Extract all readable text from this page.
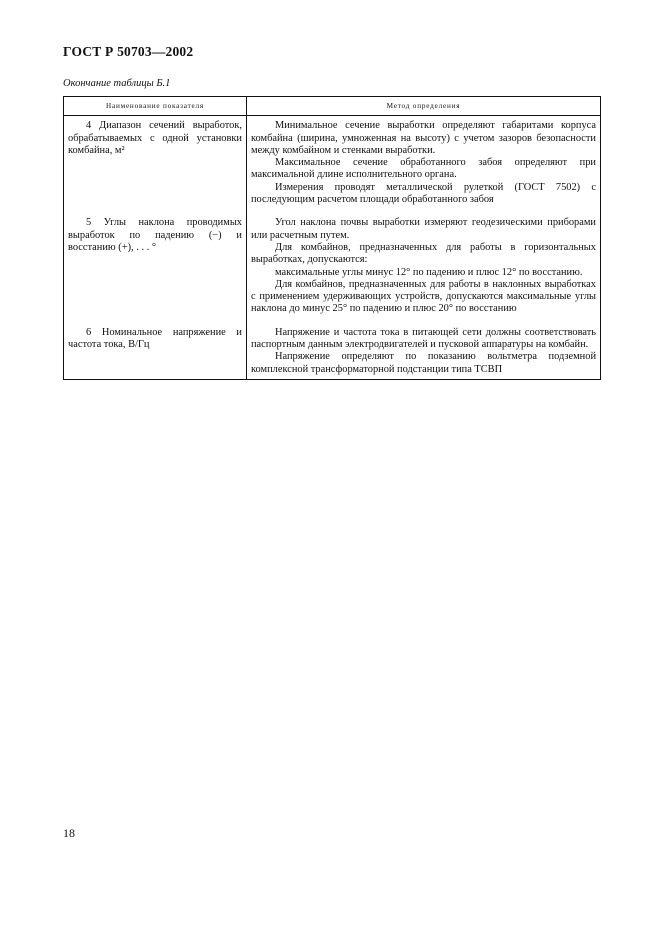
ГОСТ Р 50703—2002

Окончание таблицы Б.1

Наименование показателя	Метод определения

4 Диапазон сечений выработок, обрабатываемых с одной установки комбайна, м²	Минимальное сечение выработки определяют габаритами корпуса комбайна (ширина, умноженная на высоту) с учетом зазоров безопасности между комбайном и стенками выработки.

Максимальное сечение обработанного забоя определяют при максимальной длине исполнительного органа.

Измерения проводят металлической рулеткой (ГОСТ 7502) с последующим расчетом площади обработанного забоя

5 Углы наклона проводимых выработок по падению (−) и восстанию (+), . . . °	Угол наклона почвы выработки измеряют геодезическими приборами или расчетным путем.

Для комбайнов, предназначенных для работы в горизонтальных выработках, допускаются:

максимальные углы минус 12° по падению и плюс 12° по восстанию.

Для комбайнов, предназначенных для работы в наклонных выработках с применением удерживающих устройств, допускаются максимальные углы наклона до минус 25° по падению и плюс 20° по восстанию

6 Номинальное напряжение и частота тока, В/Гц	Напряжение и частота тока в питающей сети должны соответствовать паспортным данным электродвигателей и пусковой аппаратуры на комбайн.

Напряжение определяют по показанию вольтметра подземной комплексной трансформаторной подстанции типа ТСВП

18
